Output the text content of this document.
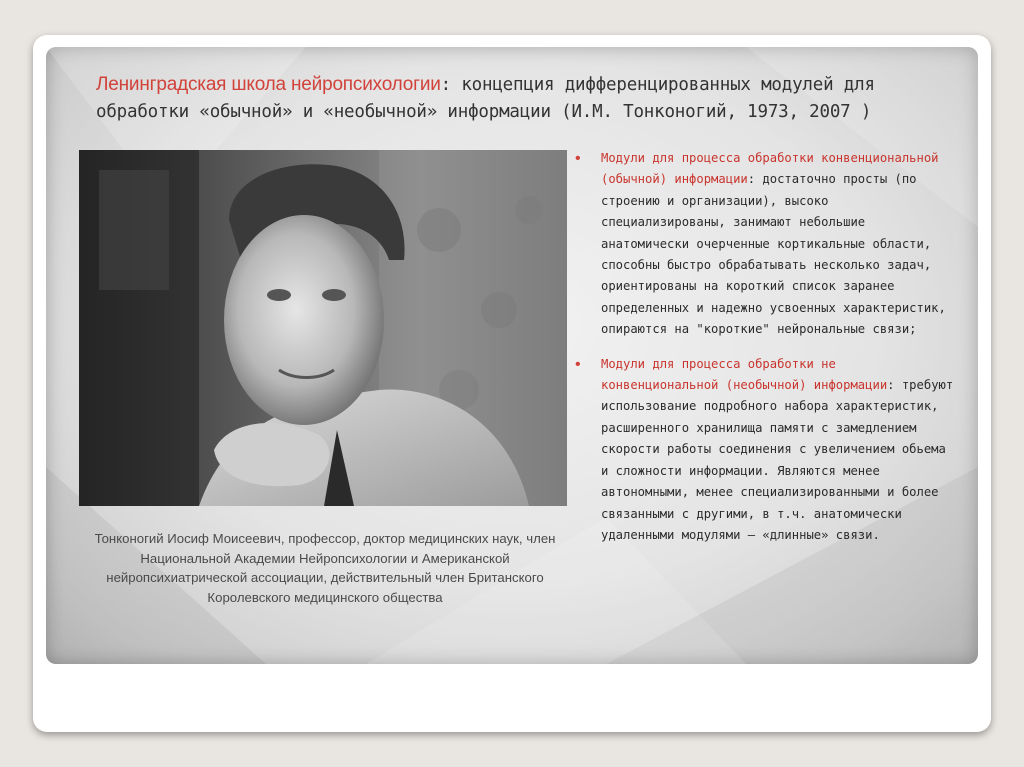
Ленинградская школа нейропсихологии: концепция дифференцированных модулей для обработки «обычной» и «необычной» информации (И.М. Тонконогий, 1973, 2007 )
Тонконогий Иосиф Моисеевич, профессор, доктор медицинских наук, член Национальной Академии Нейропсихологии и Американской нейропсихиатрической ассоциации, действительный член Британского Королевского медицинского общества
• Модули для процесса обработки конвенциональной (обычной) информации: достаточно просты (по строению и организации), высоко специализированы, занимают небольшие анатомически очерченные кортикальные области, способны быстро обрабатывать несколько задач, ориентированы на короткий список заранее определенных и надежно усвоенных характеристик, опираются на "короткие" нейрональные связи;
• Модули для процесса обработки не конвенциональной (необычной) информации: требуют использование подробного набора характеристик, расширенного хранилища памяти с замедлением скорости работы соединения с увеличением обьема и сложности информации. Являются менее автономными, менее специализированными и более связанными с другими, в т.ч. анатомически удаленными модулями – «длинные» связи.
